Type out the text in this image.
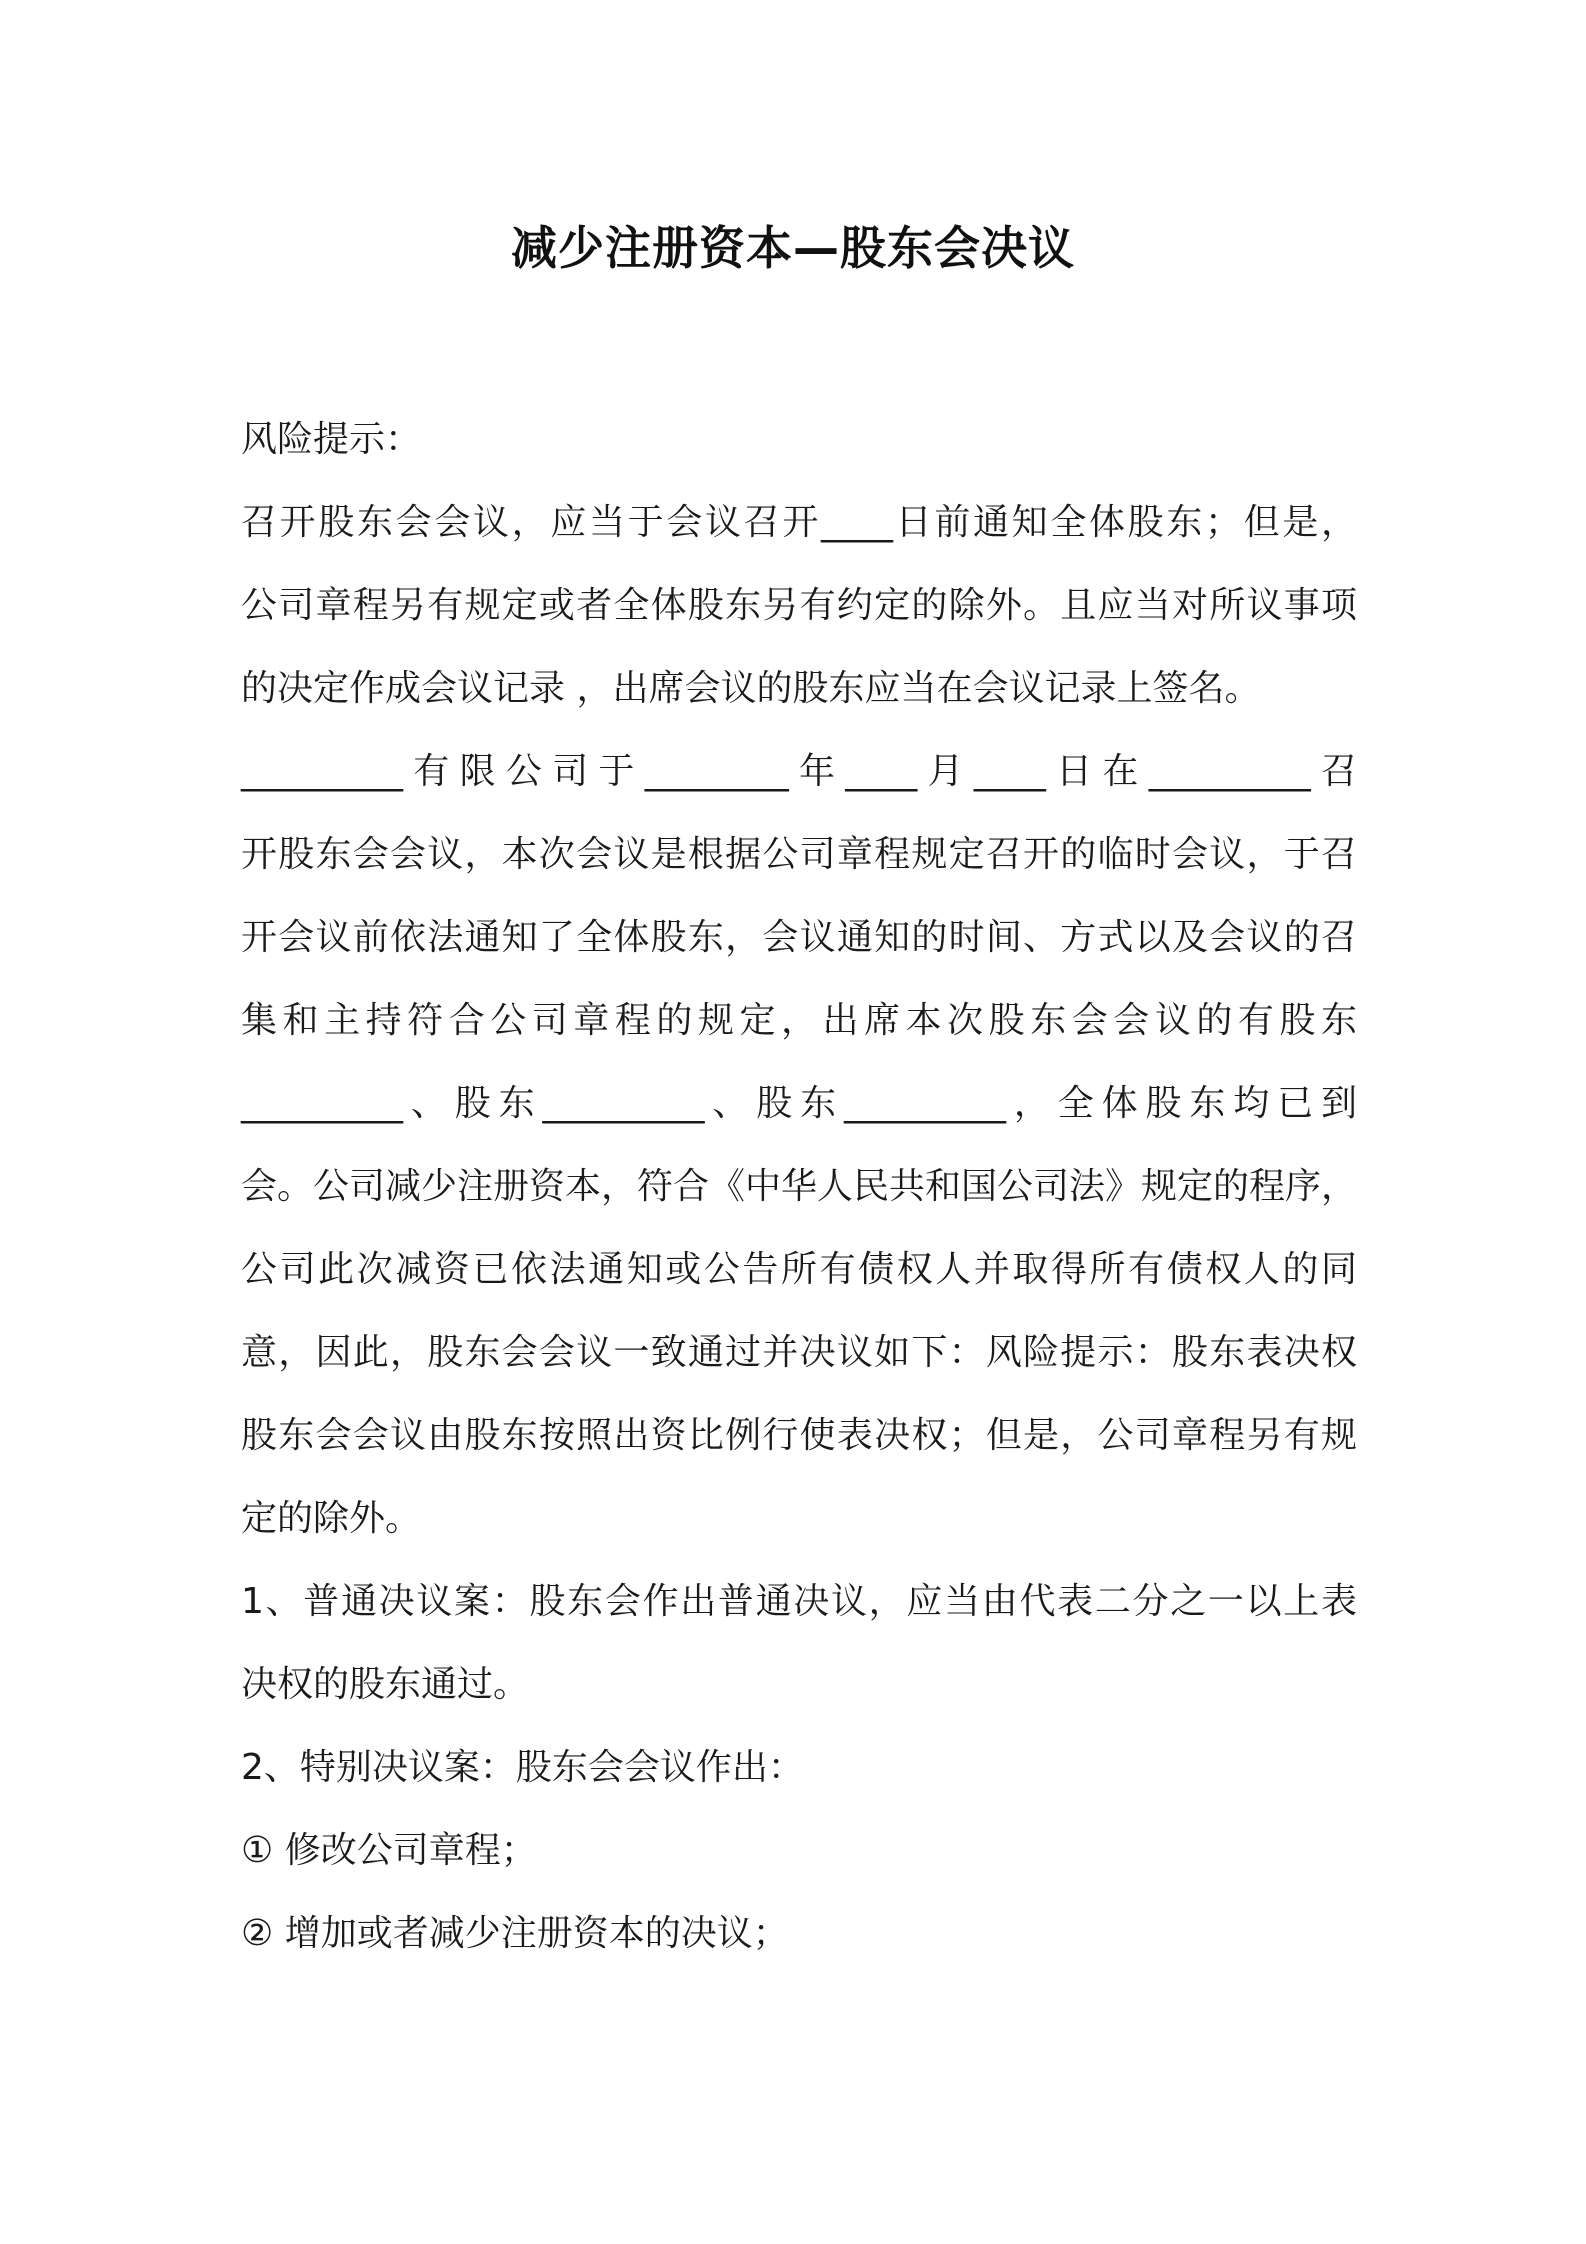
减少注册资本—股东会决议
风险提示：
召开股东会会议，应当于会议召开____日前通知全体股东；但是，
公司章程另有规定或者全体股东另有约定的除外。且应当对所议事项
的决定作成会议记录 ，出席会议的股东应当在会议记录上签名。
_________有限公司于________年____月____日在_________召
开股东会会议，本次会议是根据公司章程规定召开的临时会议，于召
开会议前依法通知了全体股东，会议通知的时间、方式以及会议的召
集和主持符合公司章程的规定，出席本次股东会会议的有股东
_________、股东_________、股东_________，全体股东均已到
会。公司减少注册资本，符合《中华人民共和国公司法》规定的程序，
公司此次减资已依法通知或公告所有债权人并取得所有债权人的同
意，因此，股东会会议一致通过并决议如下：风险提示：股东表决权
股东会会议由股东按照出资比例行使表决权；但是，公司章程另有规
定的除外。
1、普通决议案：股东会作出普通决议，应当由代表二分之一以上表
决权的股东通过。
2、特别决议案：股东会会议作出：
① 修改公司章程；
② 增加或者减少注册资本的决议；
